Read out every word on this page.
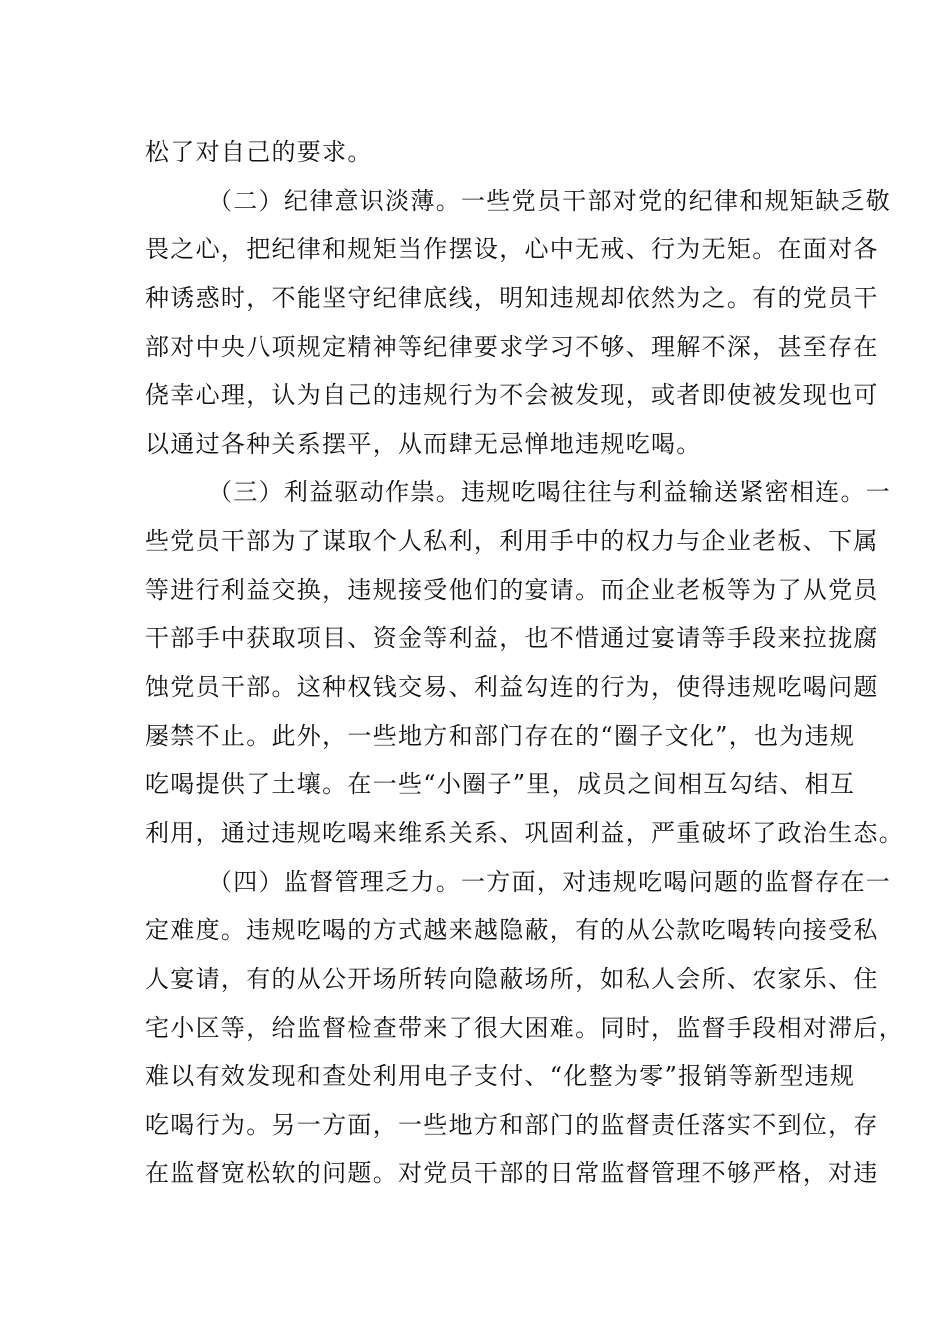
松了对自己的要求。
（二）纪律意识淡薄。一些党员干部对党的纪律和规矩缺乏敬
畏之心，把纪律和规矩当作摆设，心中无戒、行为无矩。在面对各
种诱惑时，不能坚守纪律底线，明知违规却依然为之。有的党员干
部对中央八项规定精神等纪律要求学习不够、理解不深，甚至存在
侥幸心理，认为自己的违规行为不会被发现，或者即使被发现也可
以通过各种关系摆平，从而肆无忌惮地违规吃喝。
（三）利益驱动作祟。违规吃喝往往与利益输送紧密相连。一
些党员干部为了谋取个人私利，利用手中的权力与企业老板、下属
等进行利益交换，违规接受他们的宴请。而企业老板等为了从党员
干部手中获取项目、资金等利益，也不惜通过宴请等手段来拉拢腐
蚀党员干部。这种权钱交易、利益勾连的行为，使得违规吃喝问题
屡禁不止。此外，一些地方和部门存在的“圈子文化”，也为违规
吃喝提供了土壤。在一些“小圈子”里，成员之间相互勾结、相互
利用，通过违规吃喝来维系关系、巩固利益，严重破坏了政治生态。
（四）监督管理乏力。一方面，对违规吃喝问题的监督存在一
定难度。违规吃喝的方式越来越隐蔽，有的从公款吃喝转向接受私
人宴请，有的从公开场所转向隐蔽场所，如私人会所、农家乐、住
宅小区等，给监督检查带来了很大困难。同时，监督手段相对滞后，
难以有效发现和查处利用电子支付、“化整为零”报销等新型违规
吃喝行为。另一方面，一些地方和部门的监督责任落实不到位，存
在监督宽松软的问题。对党员干部的日常监督管理不够严格，对违
